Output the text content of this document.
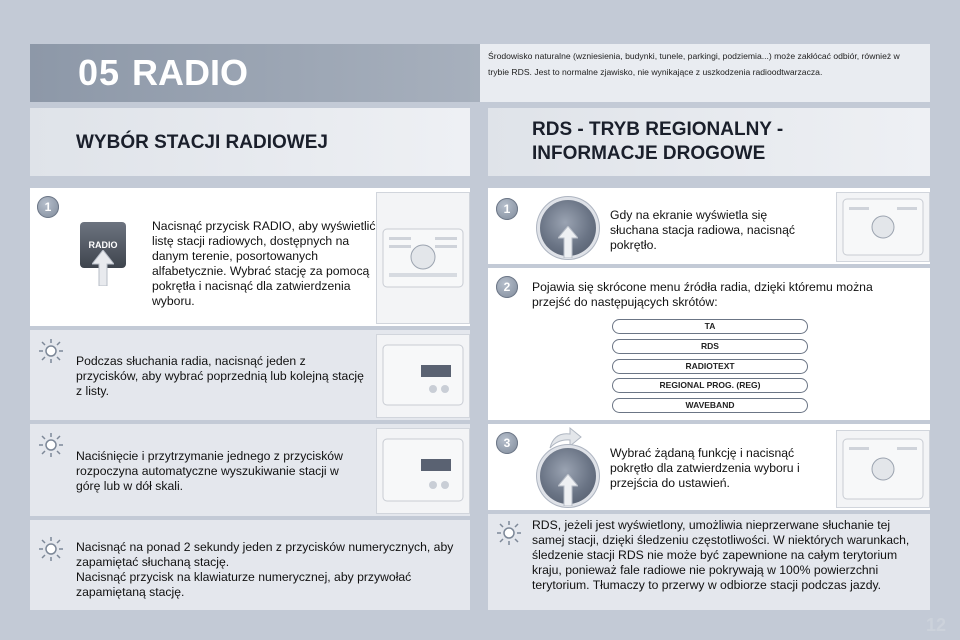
05 RADIO	Środowisko naturalne (wzniesienia, budynki, tunele, parkingi, podziemia...) może zakłócać odbiór, również w trybie RDS. Jest to normalne zjawisko, nie wynikające z uszkodzenia radioodtwarzacza.
WYBÓR STACJI RADIOWEJ
RDS - TRYB REGIONALNY -
INFORMACJE DROGOWE
1
RADIO
Nacisnąć przycisk RADIO, aby wyświetlić listę stacji radiowych, dostępnych na danym terenie, posortowanych alfabetycznie. Wybrać stację za pomocą pokrętła i nacisnąć dla zatwierdzenia wyboru.
Podczas słuchania radia, nacisnąć jeden z przycisków, aby wybrać poprzednią lub kolejną stację z listy.
Naciśnięcie i przytrzymanie jednego z przycisków rozpoczyna automatyczne wyszukiwanie stacji w górę lub w dół skali.
Nacisnąć na ponad 2 sekundy jeden z przycisków numerycznych, aby zapamiętać słuchaną stację.
Nacisnąć przycisk na klawiaturze numerycznej, aby przywołać zapamiętaną stację.
1	Gdy na ekranie wyświetla się słuchana stacja radiowa, nacisnąć pokrętło.
2	Pojawia się skrócone menu źródła radia, dzięki któremu można przejść do następujących skrótów:
TA
RDS
RADIOTEXT
REGIONAL PROG. (REG)
WAVEBAND
3
Wybrać żądaną funkcję i nacisnąć pokrętło dla zatwierdzenia wyboru i przejścia do ustawień.
RDS, jeżeli jest wyświetlony, umożliwia nieprzerwane słuchanie tej samej stacji, dzięki śledzeniu częstotliwości. W niektórych warunkach, śledzenie stacji RDS nie może być zapewnione na całym terytorium kraju, ponieważ fale radiowe nie pokrywają w 100% powierzchni terytorium. Tłumaczy to przerwy w odbiorze stacji podczas jazdy.
12
